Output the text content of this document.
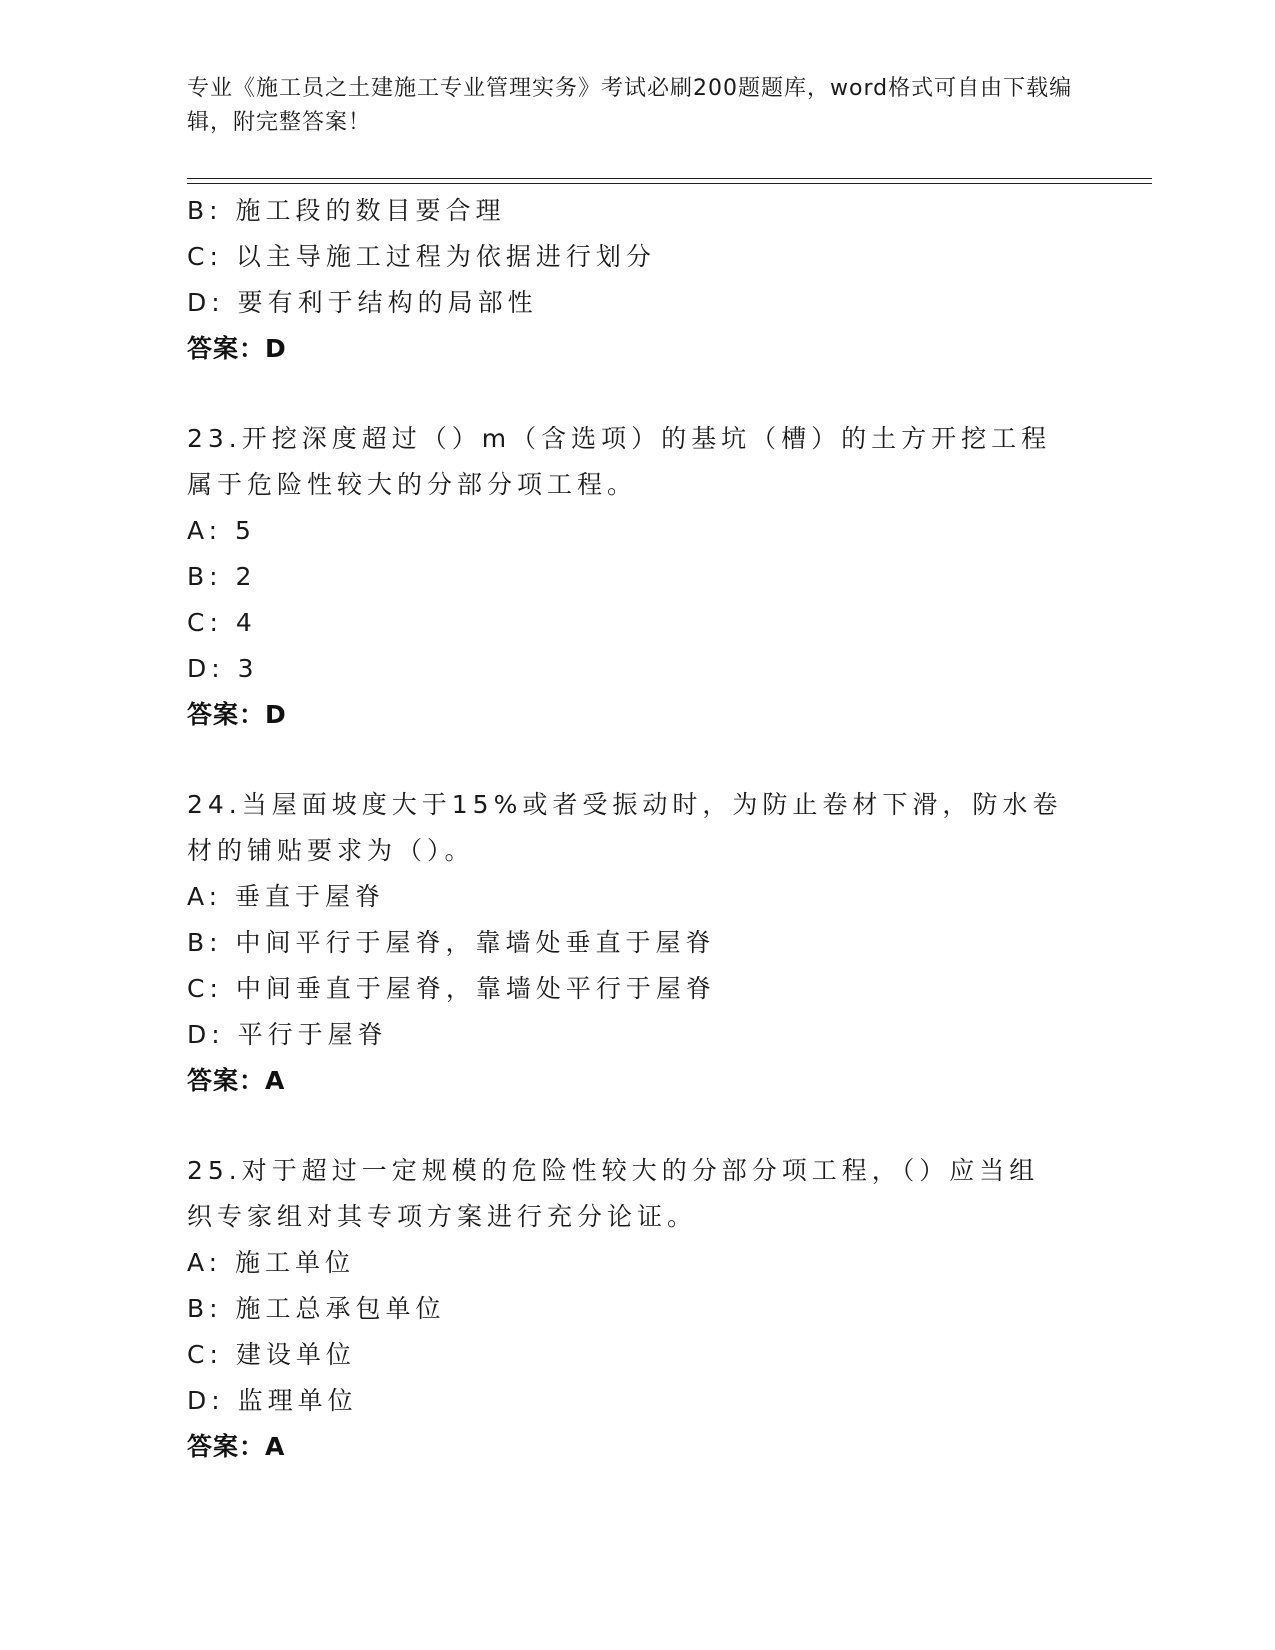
专业《施工员之土建施工专业管理实务》考试必刷200题题库，word格式可自由下载编辑，附完整答案！
B: 施工段的数目要合理
C: 以主导施工过程为依据进行划分
D: 要有利于结构的局部性
答案：D
23.开挖深度超过（）m（含选项）的基坑（槽）的土方开挖工程属于危险性较大的分部分项工程。
A: 5
B: 2
C: 4
D: 3
答案：D
24.当屋面坡度大于15%或者受振动时，为防止卷材下滑，防水卷材的铺贴要求为（）。
A: 垂直于屋脊
B: 中间平行于屋脊，靠墙处垂直于屋脊
C: 中间垂直于屋脊，靠墙处平行于屋脊
D: 平行于屋脊
答案：A
25.对于超过一定规模的危险性较大的分部分项工程，（）应当组织专家组对其专项方案进行充分论证。
A: 施工单位
B: 施工总承包单位
C: 建设单位
D: 监理单位
答案：A
